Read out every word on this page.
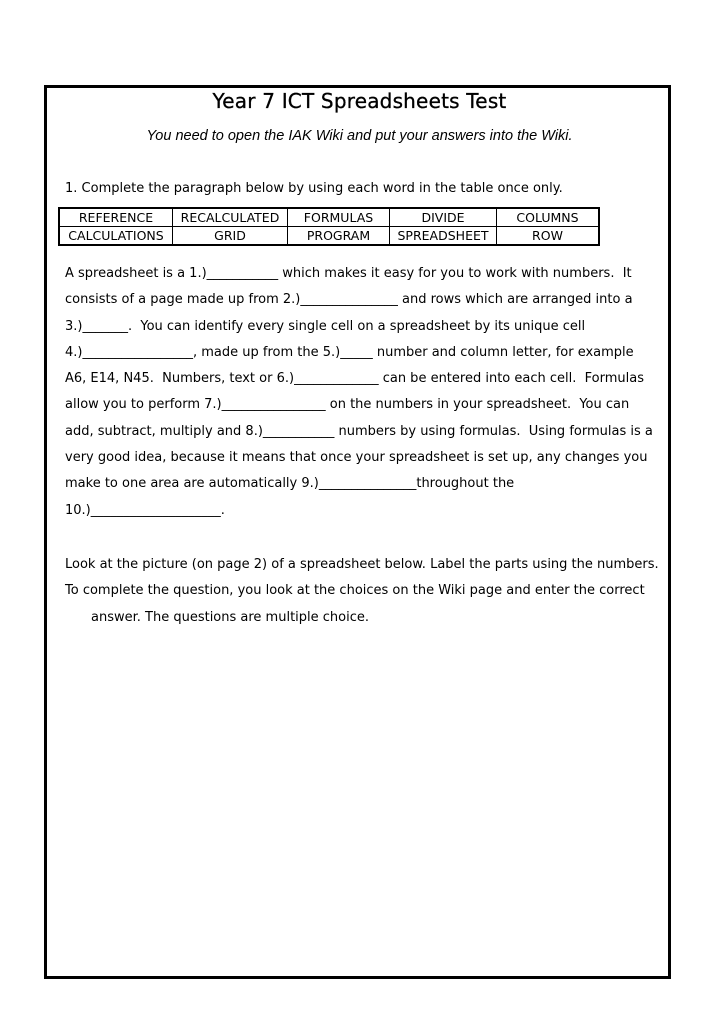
Year 7 ICT Spreadsheets Test
You need to open the IAK Wiki and put your answers into the Wiki.
1. Complete the paragraph below by using each word in the table once only.
REFERENCE	RECALCULATED	FORMULAS	DIVIDE	COLUMNS
CALCULATIONS	GRID	PROGRAM	SPREADSHEET	ROW
A spreadsheet is a 1.)___________ which makes it easy for you to work with numbers.  It
consists of a page made up from 2.)_______________ and rows which are arranged into a
3.)_______.  You can identify every single cell on a spreadsheet by its unique cell
4.)_________________, made up from the 5.)_____ number and column letter, for example
A6, E14, N45.  Numbers, text or 6.)_____________ can be entered into each cell.  Formulas
allow you to perform 7.)________________ on the numbers in your spreadsheet.  You can
add, subtract, multiply and 8.)___________ numbers by using formulas.  Using formulas is a
very good idea, because it means that once your spreadsheet is set up, any changes you
make to one area are automatically 9.)_______________throughout the
10.)____________________.
Look at the picture (on page 2) of a spreadsheet below. Label the parts using the numbers.
To complete the question, you look at the choices on the Wiki page and enter the correct
answer. The questions are multiple choice.
